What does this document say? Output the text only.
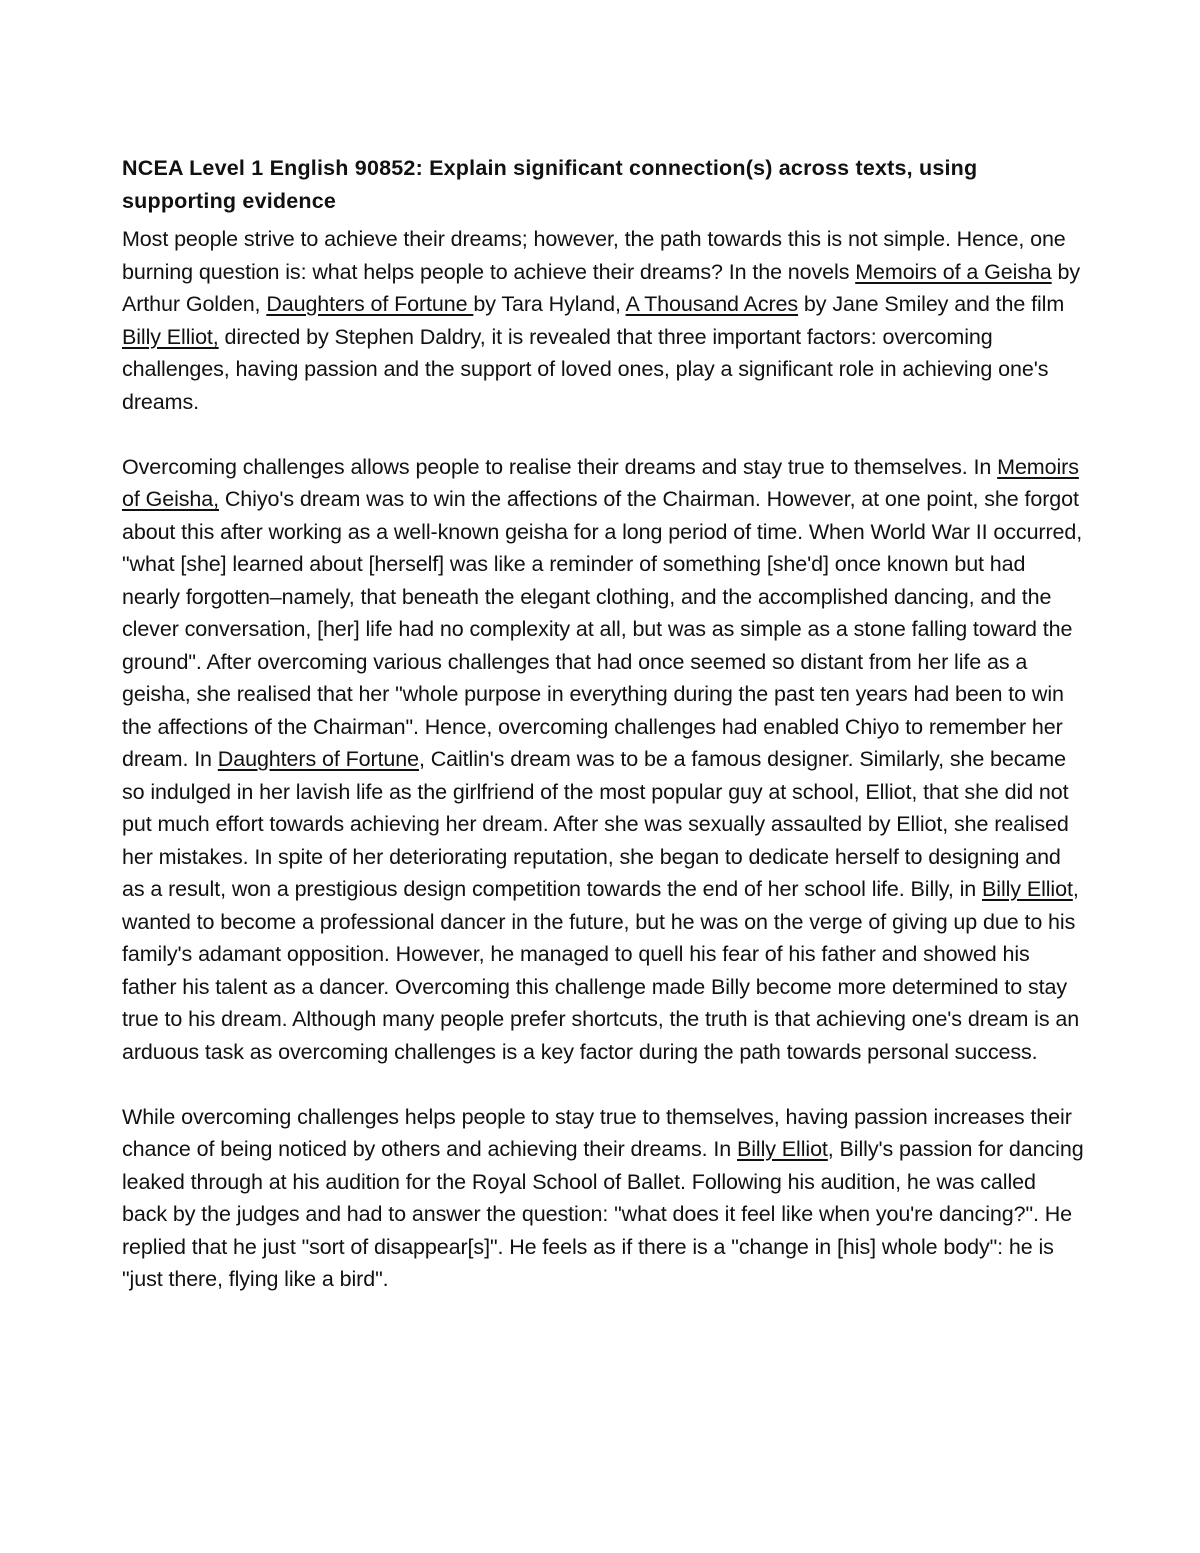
NCEA Level 1 English 90852: Explain significant connection(s) across texts, using supporting evidence

Most people strive to achieve their dreams; however, the path towards this is not simple. Hence, one burning question is: what helps people to achieve their dreams? In the novels Memoirs of a Geisha by Arthur Golden, Daughters of Fortune by Tara Hyland, A Thousand Acres by Jane Smiley and the film Billy Elliot, directed by Stephen Daldry, it is revealed that three important factors: overcoming challenges, having passion and the support of loved ones, play a significant role in achieving one's dreams.

Overcoming challenges allows people to realise their dreams and stay true to themselves. In Memoirs of Geisha, Chiyo's dream was to win the affections of the Chairman. However, at one point, she forgot about this after working as a well-known geisha for a long period of time. When World War II occurred, "what [she] learned about [herself] was like a reminder of something [she'd] once known but had nearly forgotten–namely, that beneath the elegant clothing, and the accomplished dancing, and the clever conversation, [her] life had no complexity at all, but was as simple as a stone falling toward the ground". After overcoming various challenges that had once seemed so distant from her life as a geisha, she realised that her "whole purpose in everything during the past ten years had been to win the affections of the Chairman". Hence, overcoming challenges had enabled Chiyo to remember her dream. In Daughters of Fortune, Caitlin's dream was to be a famous designer. Similarly, she became so indulged in her lavish life as the girlfriend of the most popular guy at school, Elliot, that she did not put much effort towards achieving her dream. After she was sexually assaulted by Elliot, she realised her mistakes. In spite of her deteriorating reputation, she began to dedicate herself to designing and as a result, won a prestigious design competition towards the end of her school life. Billy, in Billy Elliot, wanted to become a professional dancer in the future, but he was on the verge of giving up due to his family's adamant opposition. However, he managed to quell his fear of his father and showed his father his talent as a dancer. Overcoming this challenge made Billy become more determined to stay true to his dream. Although many people prefer shortcuts, the truth is that achieving one's dream is an arduous task as overcoming challenges is a key factor during the path towards personal success.

While overcoming challenges helps people to stay true to themselves, having passion increases their chance of being noticed by others and achieving their dreams. In Billy Elliot, Billy's passion for dancing leaked through at his audition for the Royal School of Ballet. Following his audition, he was called back by the judges and had to answer the question: "what does it feel like when you're dancing?". He replied that he just "sort of disappear[s]". He feels as if there is a "change in [his] whole body": he is "just there, flying like a bird".
